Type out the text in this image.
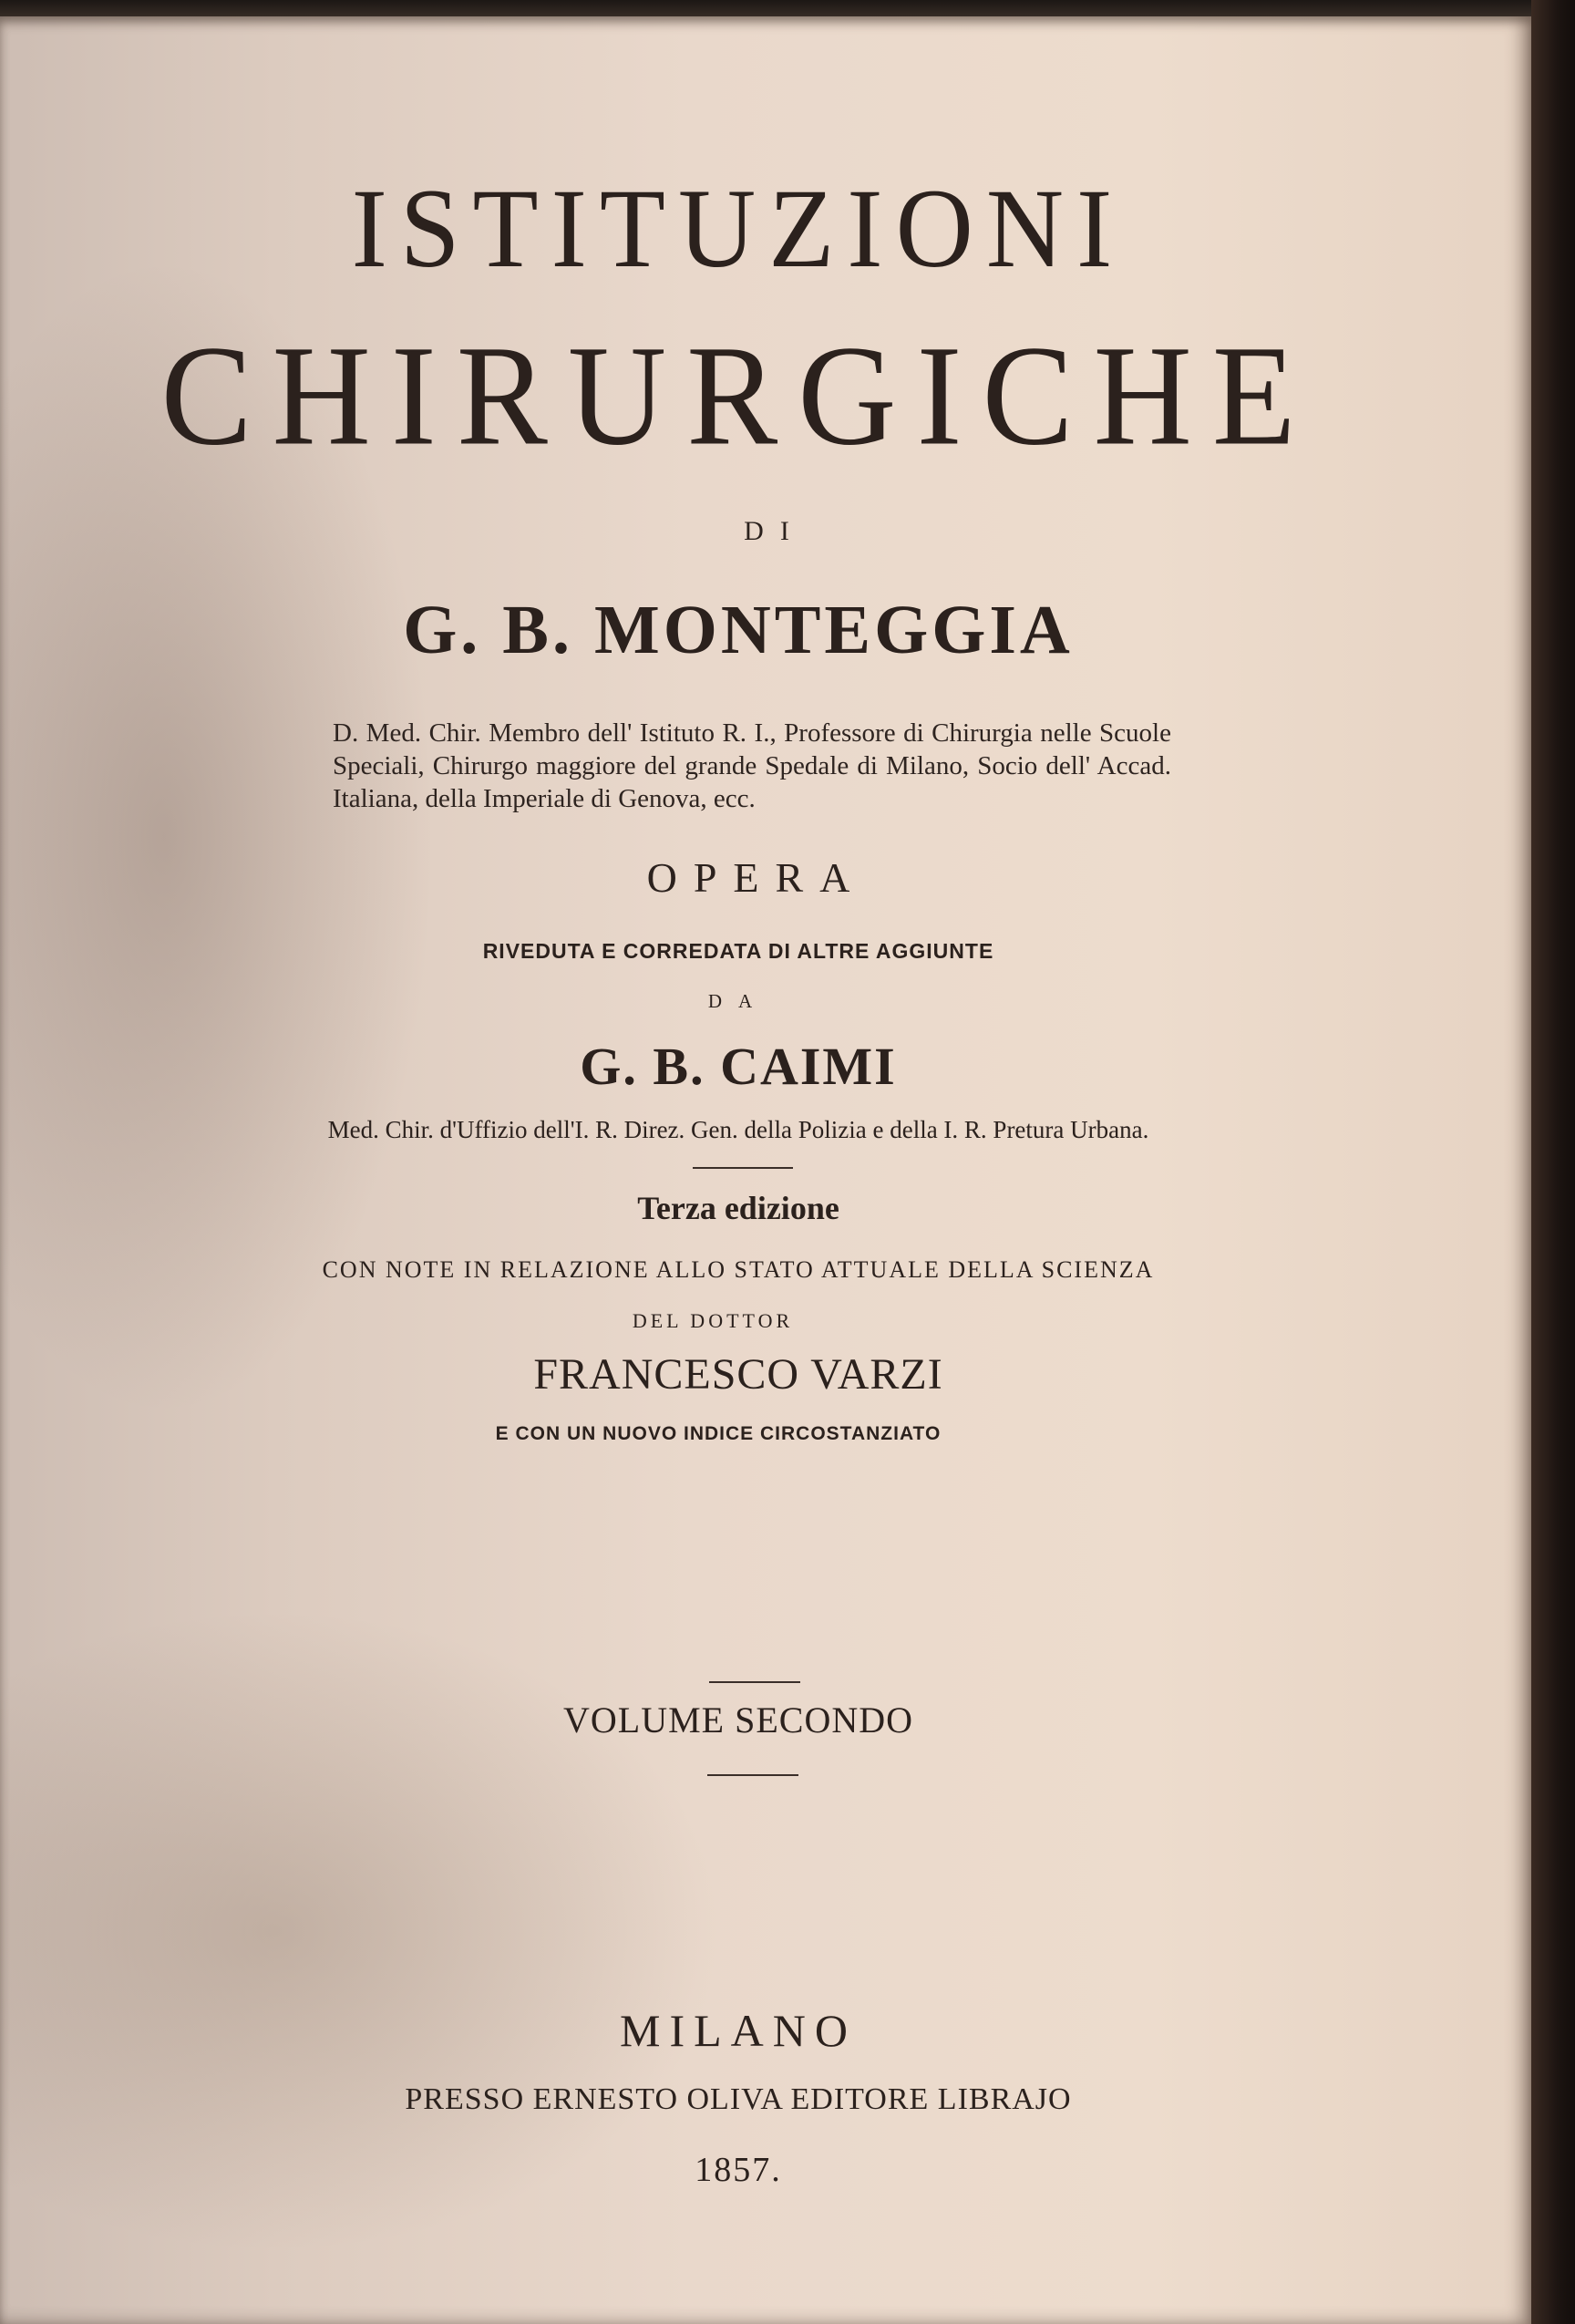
ISTITUZIONI
CHIRURGICHE
DI
G. B. MONTEGGIA
D. Med. Chir. Membro dell' Istituto R. I., Professore di Chirurgia nelle Scuole Speciali, Chirurgo maggiore del grande Spedale di Milano, Socio dell' Accad. Italiana, della Imperiale di Genova, ecc.
OPERA
RIVEDUTA E CORREDATA DI ALTRE AGGIUNTE
DA
G. B. CAIMI
Med. Chir. d'Uffizio dell'I. R. Direz. Gen. della Polizia e della I. R. Pretura Urbana.
Terza edizione
CON NOTE IN RELAZIONE ALLO STATO ATTUALE DELLA SCIENZA
DEL DOTTOR
FRANCESCO VARZI
E CON UN NUOVO INDICE CIRCOSTANZIATO
VOLUME SECONDO
MILANO
PRESSO ERNESTO OLIVA EDITORE LIBRAJO
1857.
